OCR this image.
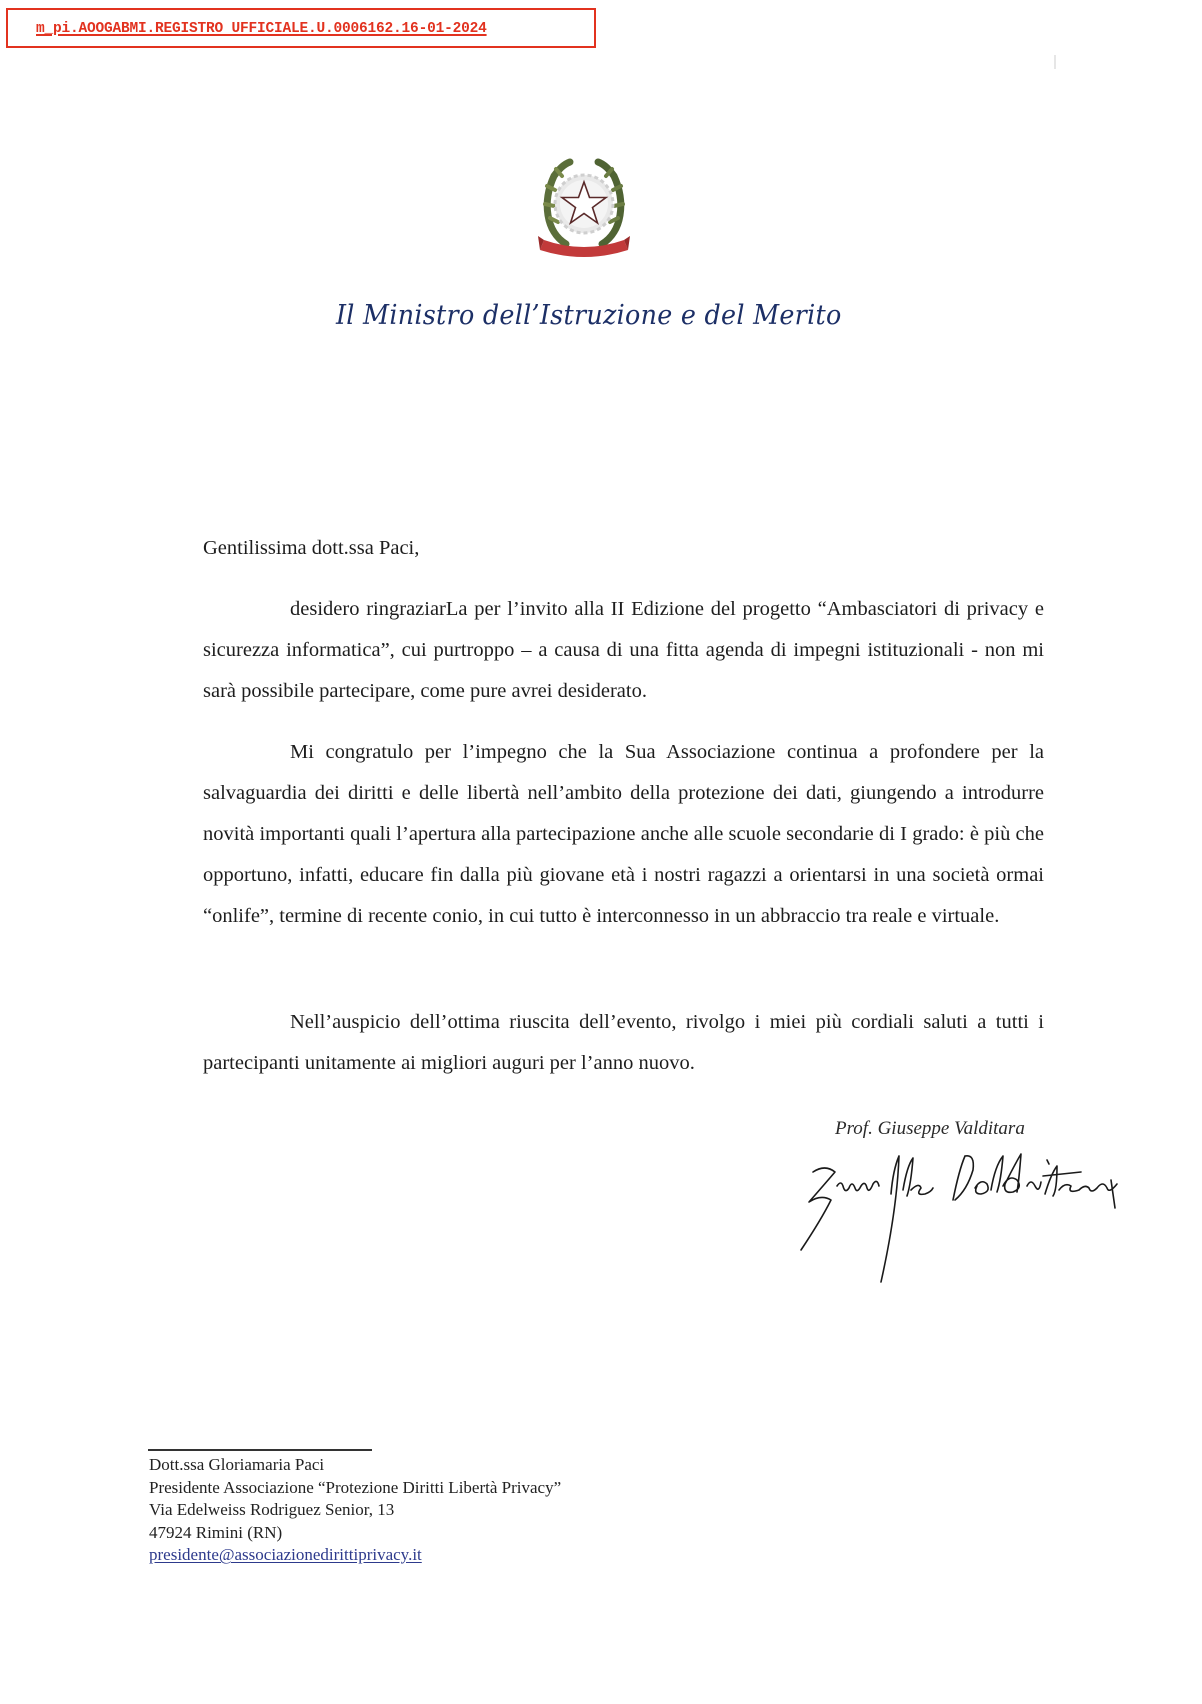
m_pi.AOOGABMI.REGISTRO UFFICIALE.U.0006162.16-01-2024
Il Ministro dell’Istruzione e del Merito
Gentilissima dott.ssa Paci,

desidero ringraziarLa per l’invito alla II Edizione del progetto “Ambasciatori di privacy e sicurezza informatica”, cui purtroppo – a causa di una fitta agenda di impegni istituzionali - non mi sarà possibile partecipare, come pure avrei desiderato.

Mi congratulo per l’impegno che la Sua Associazione continua a profondere per la salvaguardia dei diritti e delle libertà nell’ambito della protezione dei dati, giungendo a introdurre novità importanti quali l’apertura alla partecipazione anche alle scuole secondarie di I grado: è più che opportuno, infatti, educare fin dalla più giovane età i nostri ragazzi a orientarsi in una società ormai “onlife”, termine di recente conio, in cui tutto è interconnesso in un abbraccio tra reale e virtuale.

Nell’auspicio dell’ottima riuscita dell’evento, rivolgo i miei più cordiali saluti a tutti i partecipanti unitamente ai migliori auguri per l’anno nuovo.

Prof. Giuseppe Valditara
Dott.ssa Gloriamaria Paci
Presidente Associazione “Protezione Diritti Libertà Privacy”
Via Edelweiss Rodriguez Senior, 13
47924 Rimini (RN)
presidente@associazionedirittiprivacy.it
